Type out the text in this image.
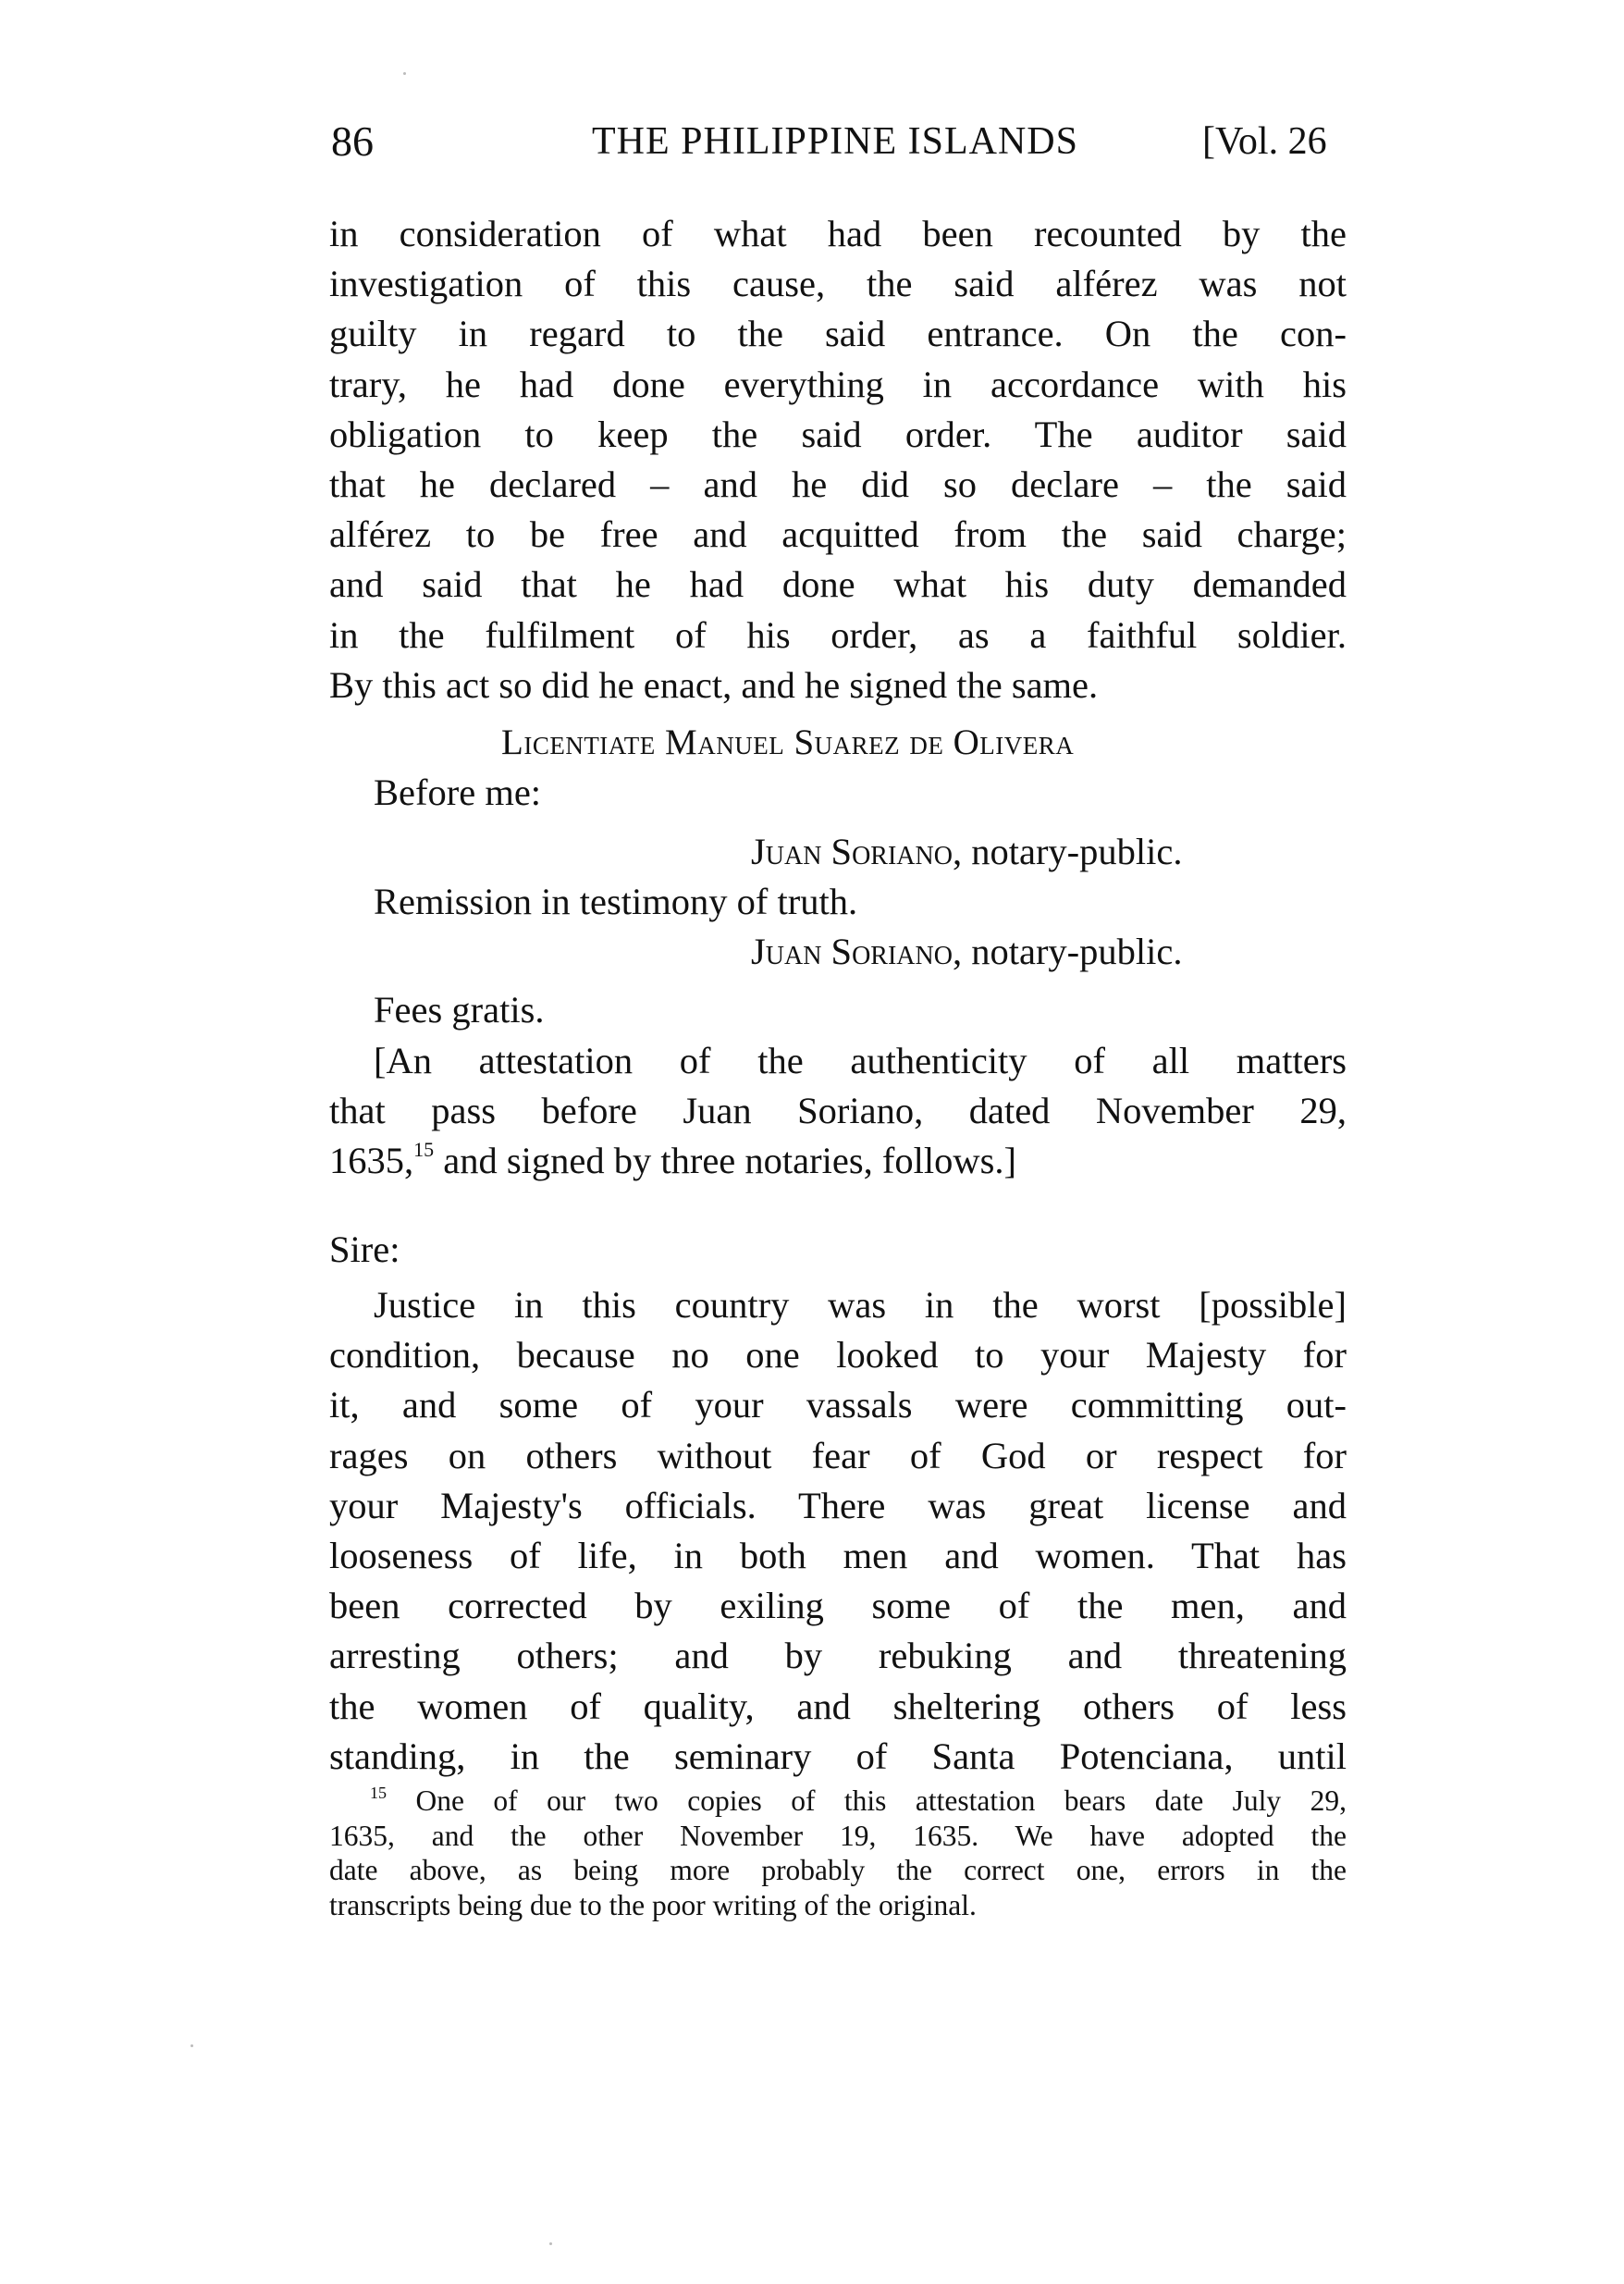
86	THE PHILIPPINE ISLANDS	[Vol. 26
in consideration of what had been recounted by the
investigation of this cause, the said alférez was not
guilty in regard to the said entrance. On the con-
trary, he had done everything in accordance with his
obligation to keep the said order. The auditor said
that he declared – and he did so declare – the said
alférez to be free and acquitted from the said charge;
and said that he had done what his duty demanded
in the fulfilment of his order, as a faithful soldier.
By this act so did he enact, and he signed the same.
Licentiate Manuel Suarez de Olivera
Before me:
Juan Soriano, notary-public.
Remission in testimony of truth.
Juan Soriano, notary-public.
Fees gratis.
[An attestation of the authenticity of all matters
that pass before Juan Soriano, dated November 29,
1635,15 and signed by three notaries, follows.]
Sire:
Justice in this country was in the worst [possible]
condition, because no one looked to your Majesty for
it, and some of your vassals were committing out-
rages on others without fear of God or respect for
your Majesty's officials. There was great license and
looseness of life, in both men and women. That has
been corrected by exiling some of the men, and
arresting others; and by rebuking and threatening
the women of quality, and sheltering others of less
standing, in the seminary of Santa Potenciana, until
$^{15}$ One of our two copies of this attestation bears date July 29,
1635, and the other November 19, 1635. We have adopted the
date above, as being more probably the correct one, errors in the
transcripts being due to the poor writing of the original.
